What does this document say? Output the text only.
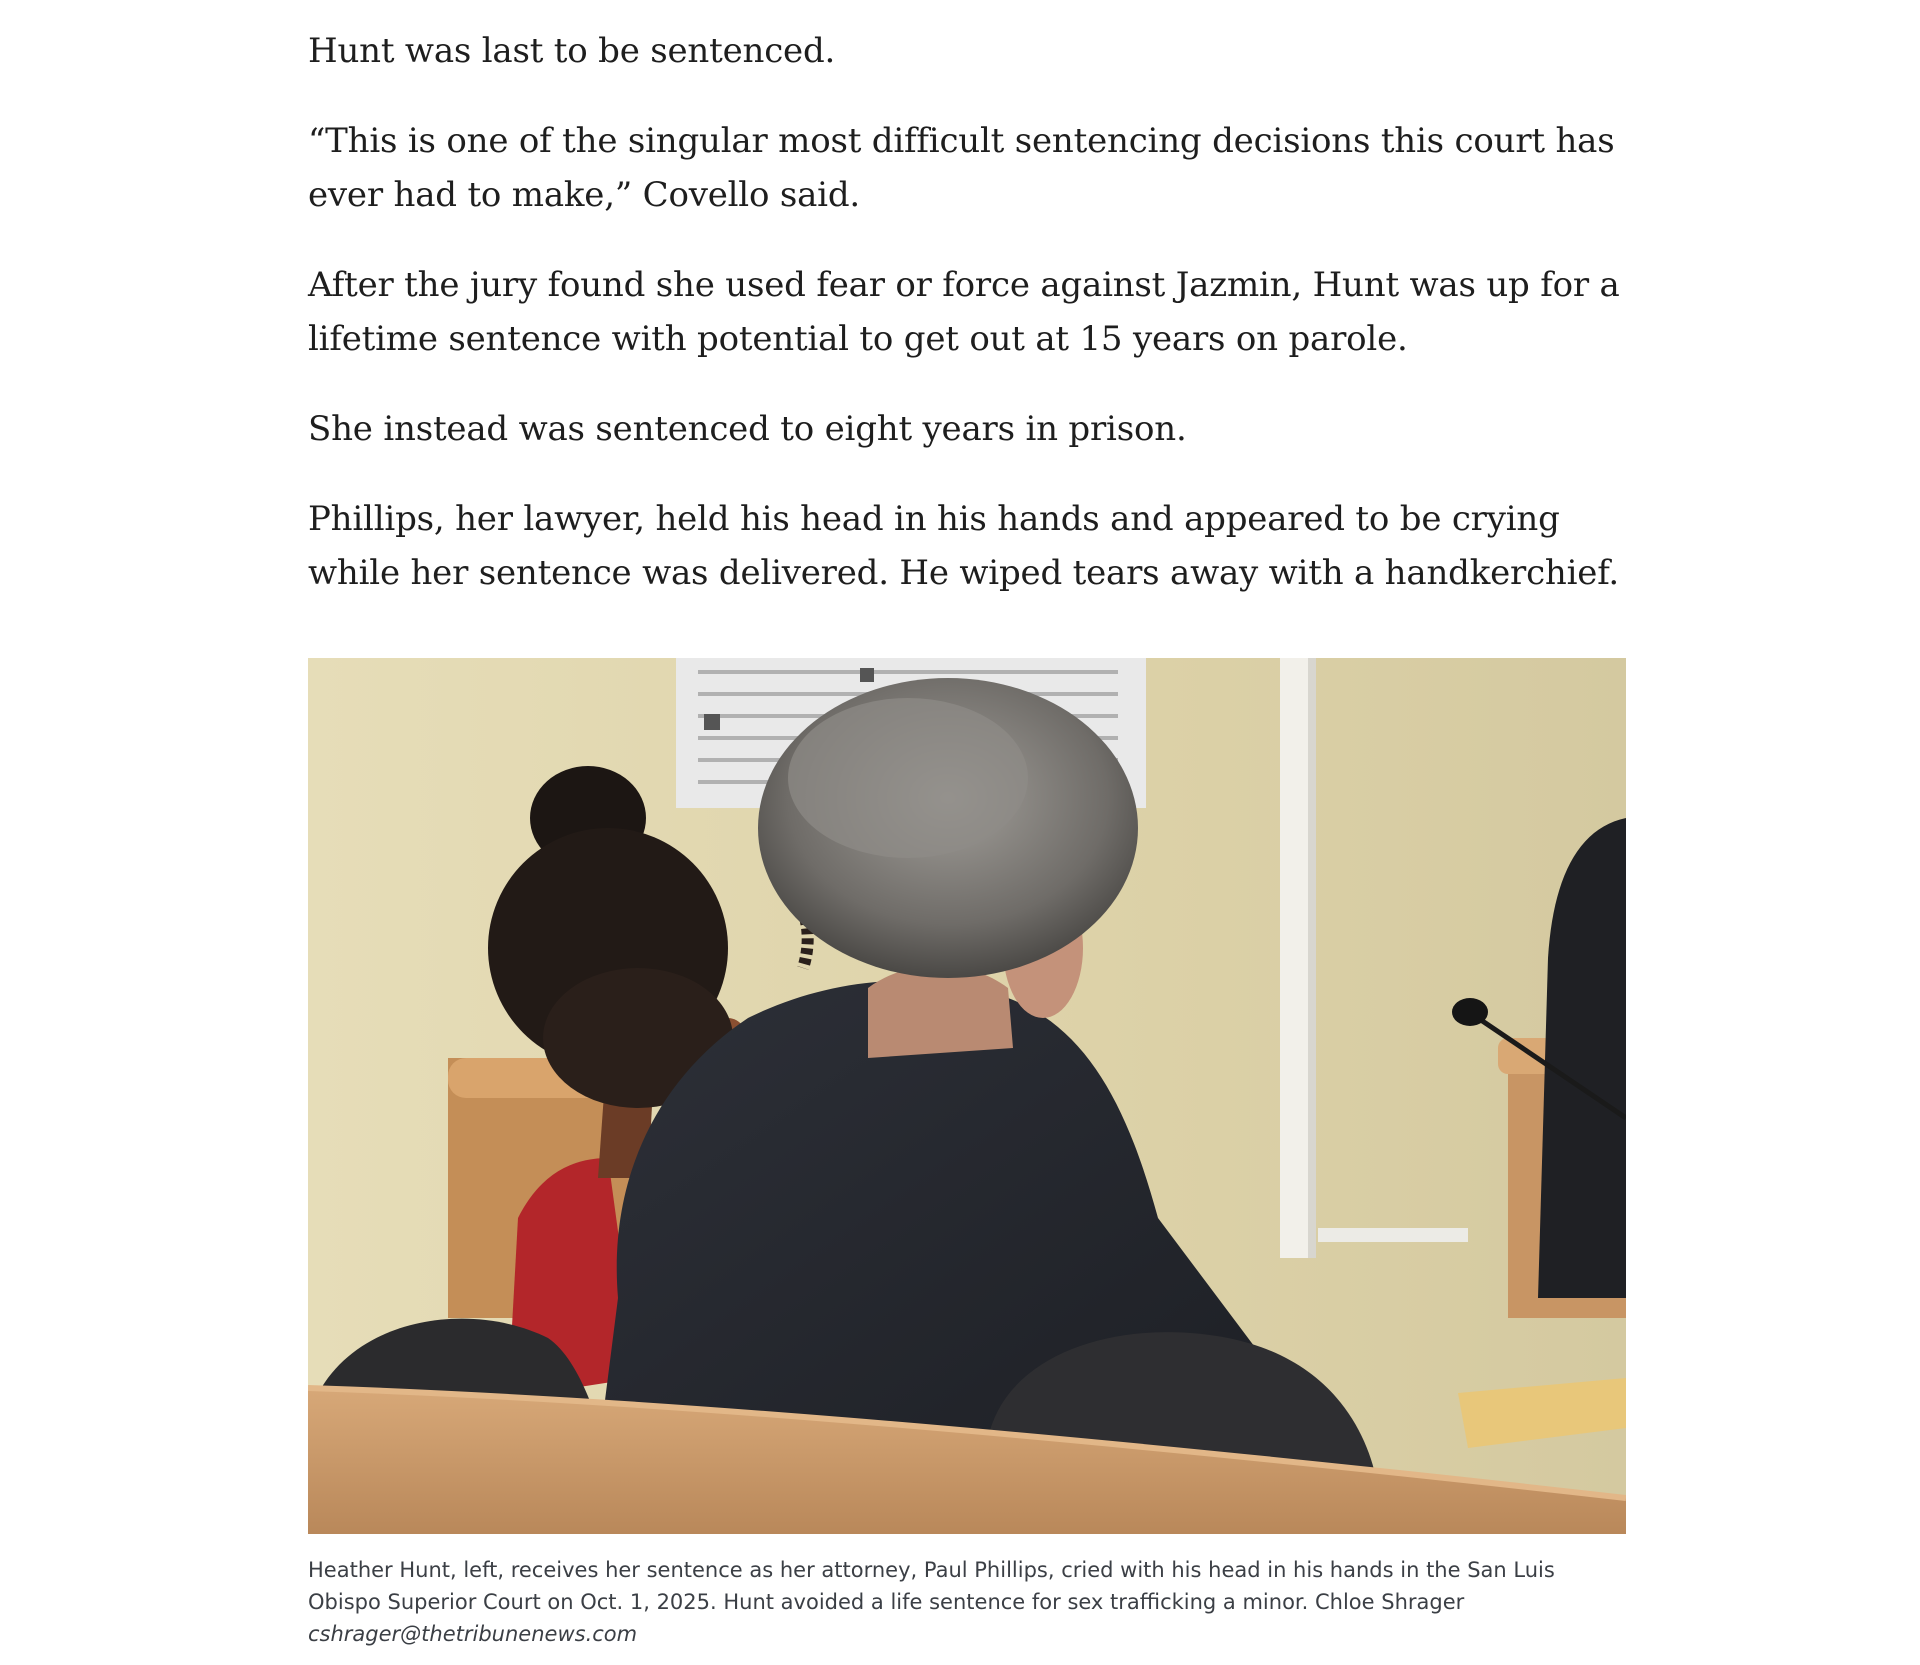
Hunt was last to be sentenced.

“This is one of the singular most difficult sentencing decisions this court has ever had to make,” Covello said.

After the jury found she used fear or force against Jazmin, Hunt was up for a lifetime sentence with potential to get out at 15 years on parole.

She instead was sentenced to eight years in prison.

Phillips, her lawyer, held his head in his hands and appeared to be crying while her sentence was delivered. He wiped tears away with a handkerchief.

Heather Hunt, left, receives her sentence as her attorney, Paul Phillips, cried with his head in his hands in the San Luis Obispo Superior Court on Oct. 1, 2025. Hunt avoided a life sentence for sex trafficking a minor. Chloe Shrager cshrager@thetribunenews.com
